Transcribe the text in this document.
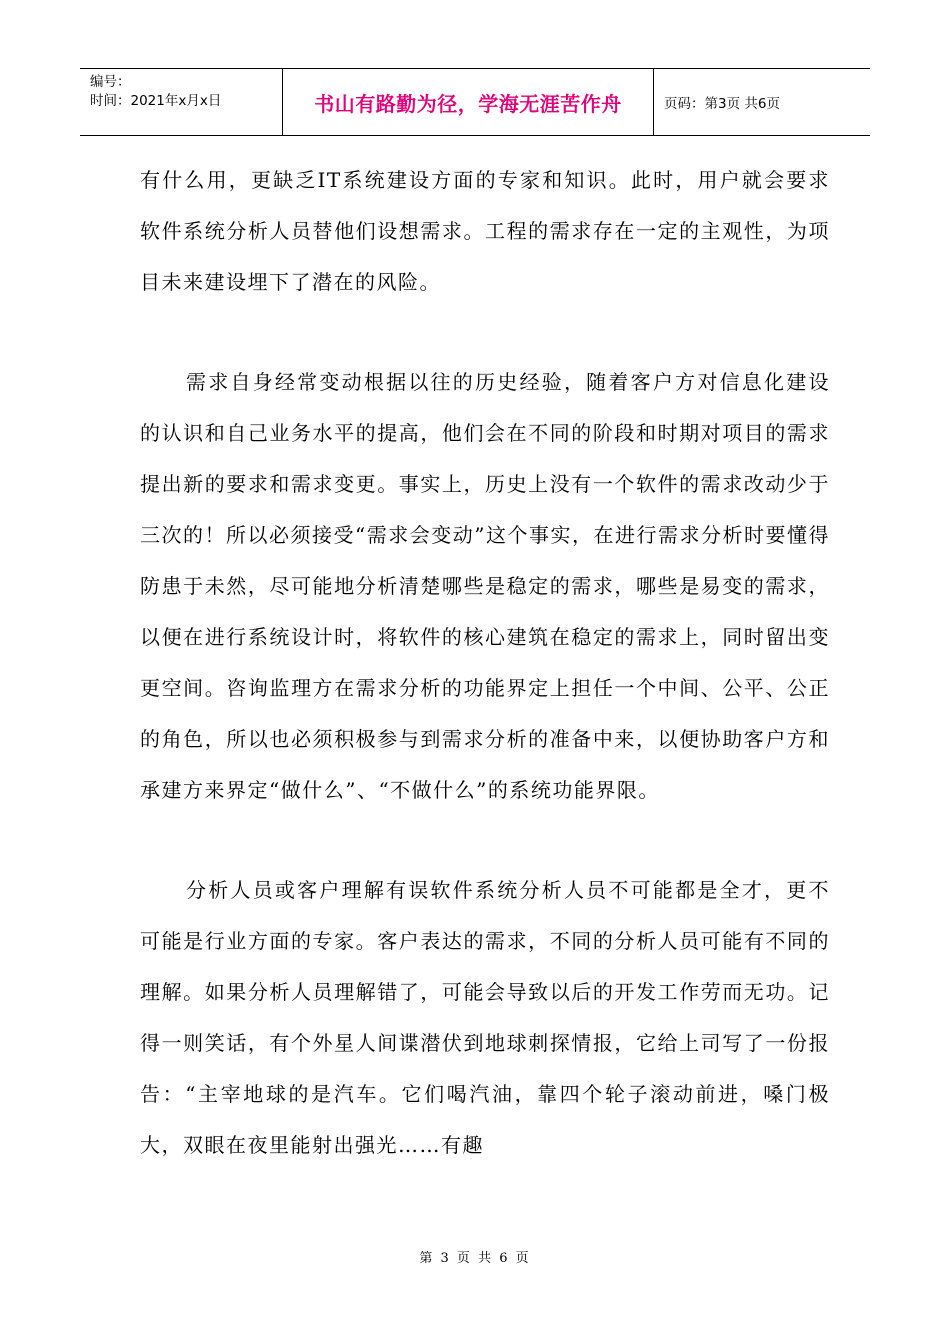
编号：
时间：2021年x月x日	书山有路勤为径，学海无涯苦作舟	页码：第3页 共6页

有什么用，更缺乏IT系统建设方面的专家和知识。此时，用户就会要求软件系统分析人员替他们设想需求。工程的需求存在一定的主观性，为项目未来建设埋下了潜在的风险。

需求自身经常变动根据以往的历史经验，随着客户方对信息化建设的认识和自己业务水平的提高，他们会在不同的阶段和时期对项目的需求提出新的要求和需求变更。事实上，历史上没有一个软件的需求改动少于三次的！所以必须接受“需求会变动”这个事实，在进行需求分析时要懂得防患于未然，尽可能地分析清楚哪些是稳定的需求，哪些是易变的需求，以便在进行系统设计时，将软件的核心建筑在稳定的需求上，同时留出变更空间。咨询监理方在需求分析的功能界定上担任一个中间、公平、公正的角色，所以也必须积极参与到需求分析的准备中来，以便协助客户方和承建方来界定“做什么”、“不做什么”的系统功能界限。

分析人员或客户理解有误软件系统分析人员不可能都是全才，更不可能是行业方面的专家。客户表达的需求，不同的分析人员可能有不同的理解。如果分析人员理解错了，可能会导致以后的开发工作劳而无功。记得一则笑话，有个外星人间谍潜伏到地球刺探情报，它给上司写了一份报告：“主宰地球的是汽车。它们喝汽油，靠四个轮子滚动前进，嗓门极大，双眼在夜里能射出强光……有趣

第 3 页 共 6 页
